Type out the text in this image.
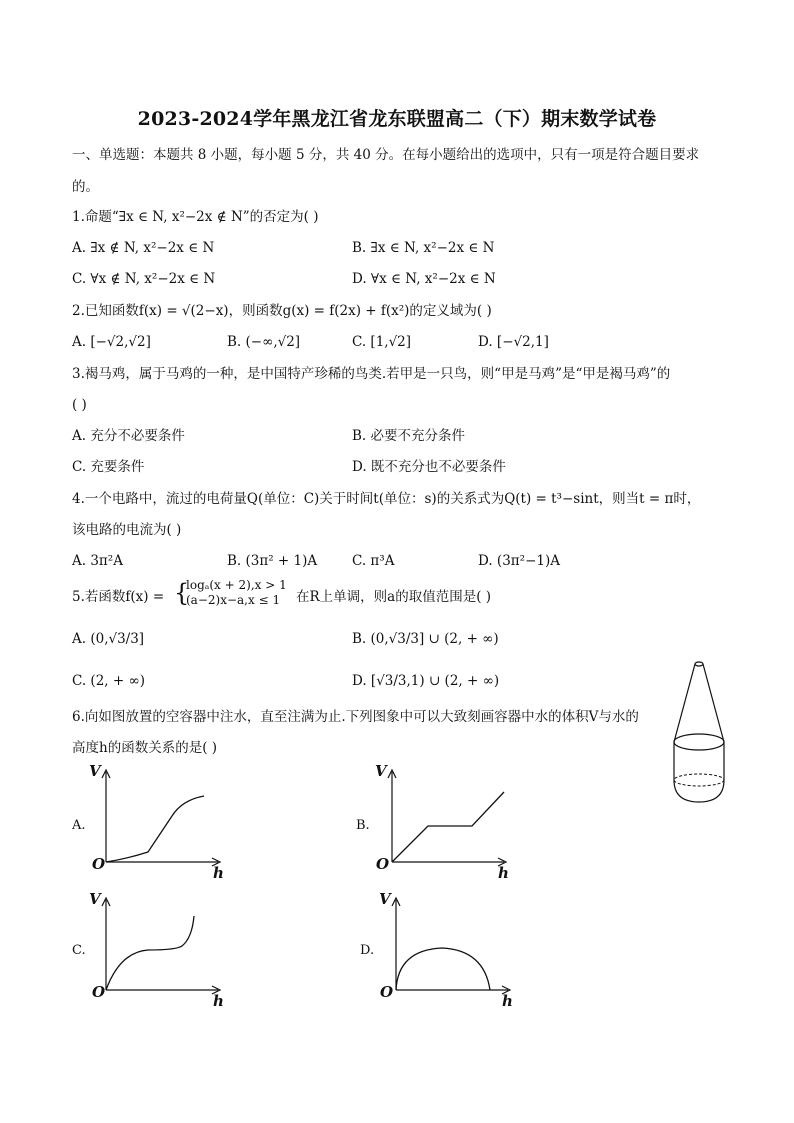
2023-2024学年黑龙江省龙东联盟高二（下）期末数学试卷
一、单选题：本题共 8 小题，每小题 5 分，共 40 分。在每小题给出的选项中，只有一项是符合题目要求
的。
1.命题“∃x ∈ N, x²−2x ∉ N”的否定为( )
A. ∃x ∉ N, x²−2x ∈ N	B. ∃x ∈ N, x²−2x ∈ N
C. ∀x ∉ N, x²−2x ∈ N	D. ∀x ∈ N, x²−2x ∈ N
2.已知函数f(x) = √(2−x)，则函数g(x) = f(2x) + f(x²)的定义域为( )
A. [−√2,√2]	B. (−∞,√2]	C. [1,√2]	D. [−√2,1]
3.褐马鸡，属于马鸡的一种，是中国特产珍稀的鸟类.若甲是一只鸟，则“甲是马鸡”是“甲是褐马鸡”的
( )
A. 充分不必要条件	B. 必要不充分条件
C. 充要条件	D. 既不充分也不必要条件
4.一个电路中，流过的电荷量Q(单位：C)关于时间t(单位：s)的关系式为Q(t) = t³−sint，则当t = π时，
该电路的电流为( )
A. 3π²A	B. (3π² + 1)A	C. π³A	D. (3π²−1)A
5.若函数f(x) = {
logₐ(x + 2),x > 1
(a−2)x−a,x ≤ 1 在R上单调，则a的取值范围是( )
A. (0,√3/3]	B. (0,√3/3] ∪ (2, + ∞)
C. (2, + ∞)	D. [√3/3,1) ∪ (2, + ∞)
6.向如图放置的空容器中注水，直至注满为止.下列图象中可以大致刻画容器中水的体积V与水的
高度h的函数关系的是( )
A.
V
O	h
B.
V
O	h
C.
V
O	h
D.
V
O	h
